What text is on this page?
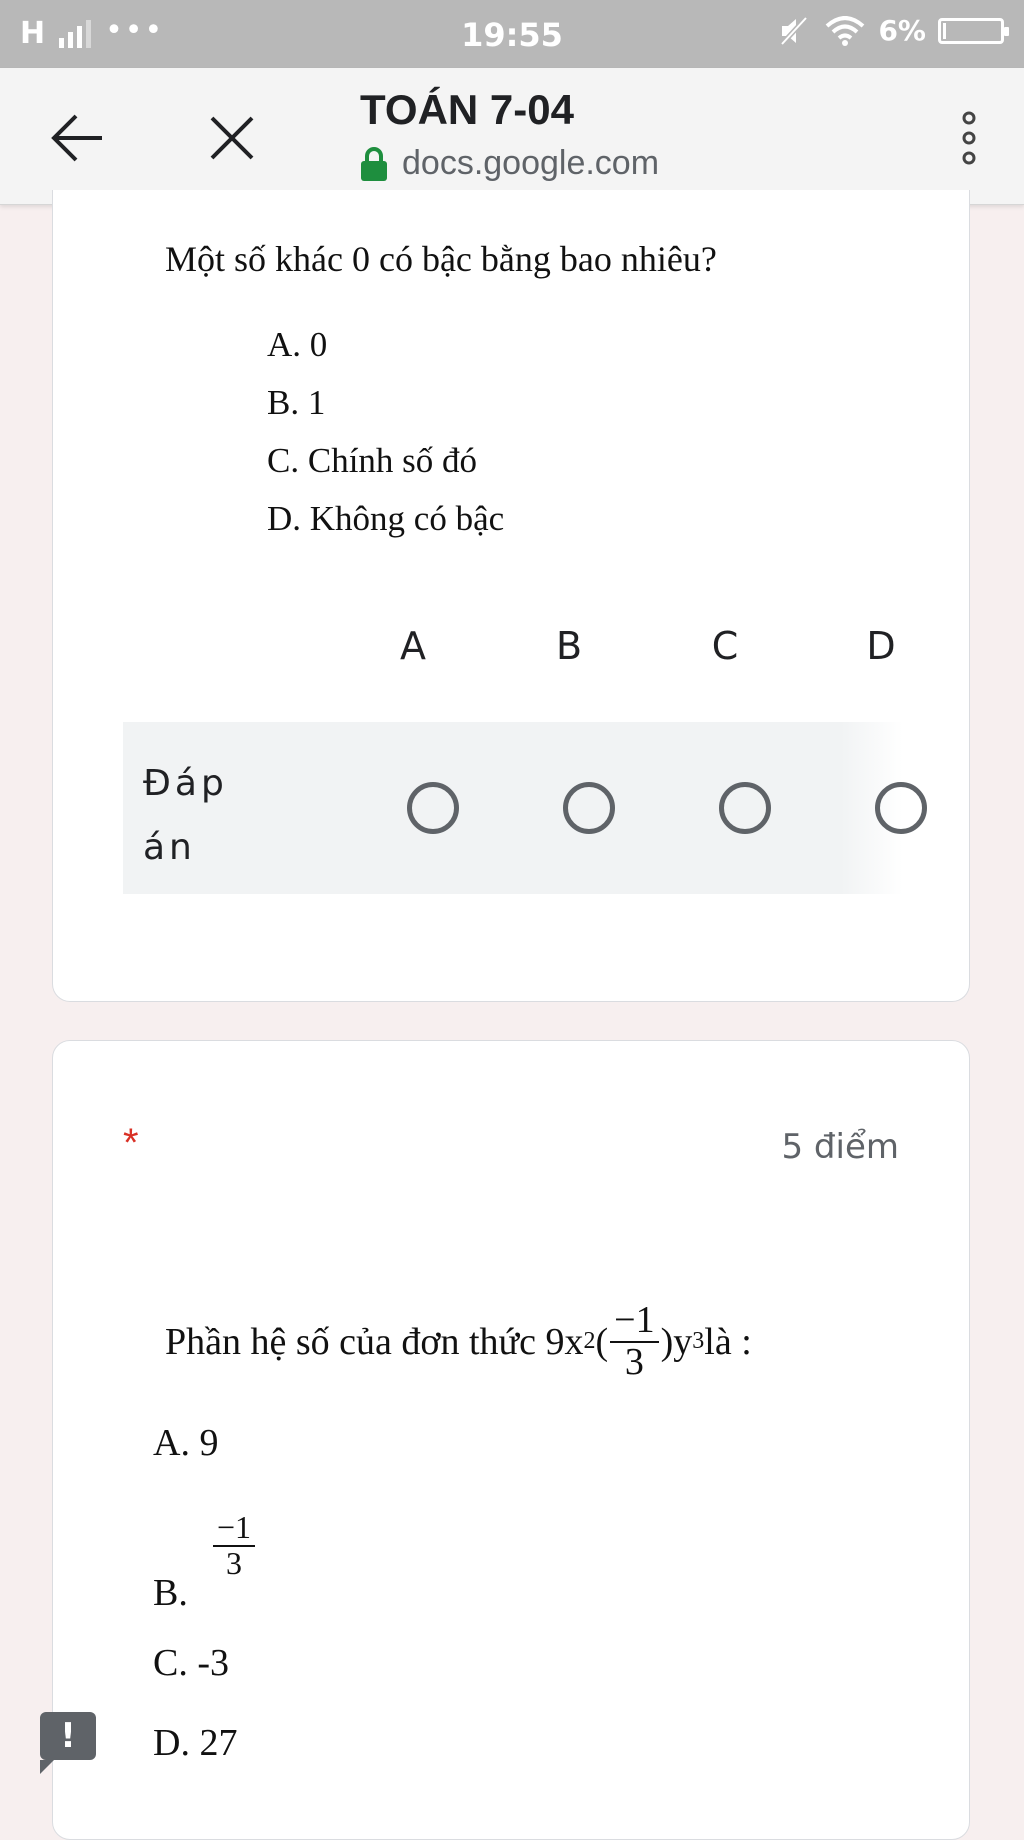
H •••	19:55	6%
TOÁN 7-04
docs.google.com
Một số khác 0 có bậc bằng bao nhiêu?
A. 0
B. 1
C. Chính số đó
D. Không có bậc
A	B	C	D
Đáp án
*	5 điểm
Phần hệ số của đơn thức 9x 2 ( $\frac{-1}{3} )y$ 3 là :
A. 9
B.
$\frac{-1}{3}$
C. -3
D. 27
!
